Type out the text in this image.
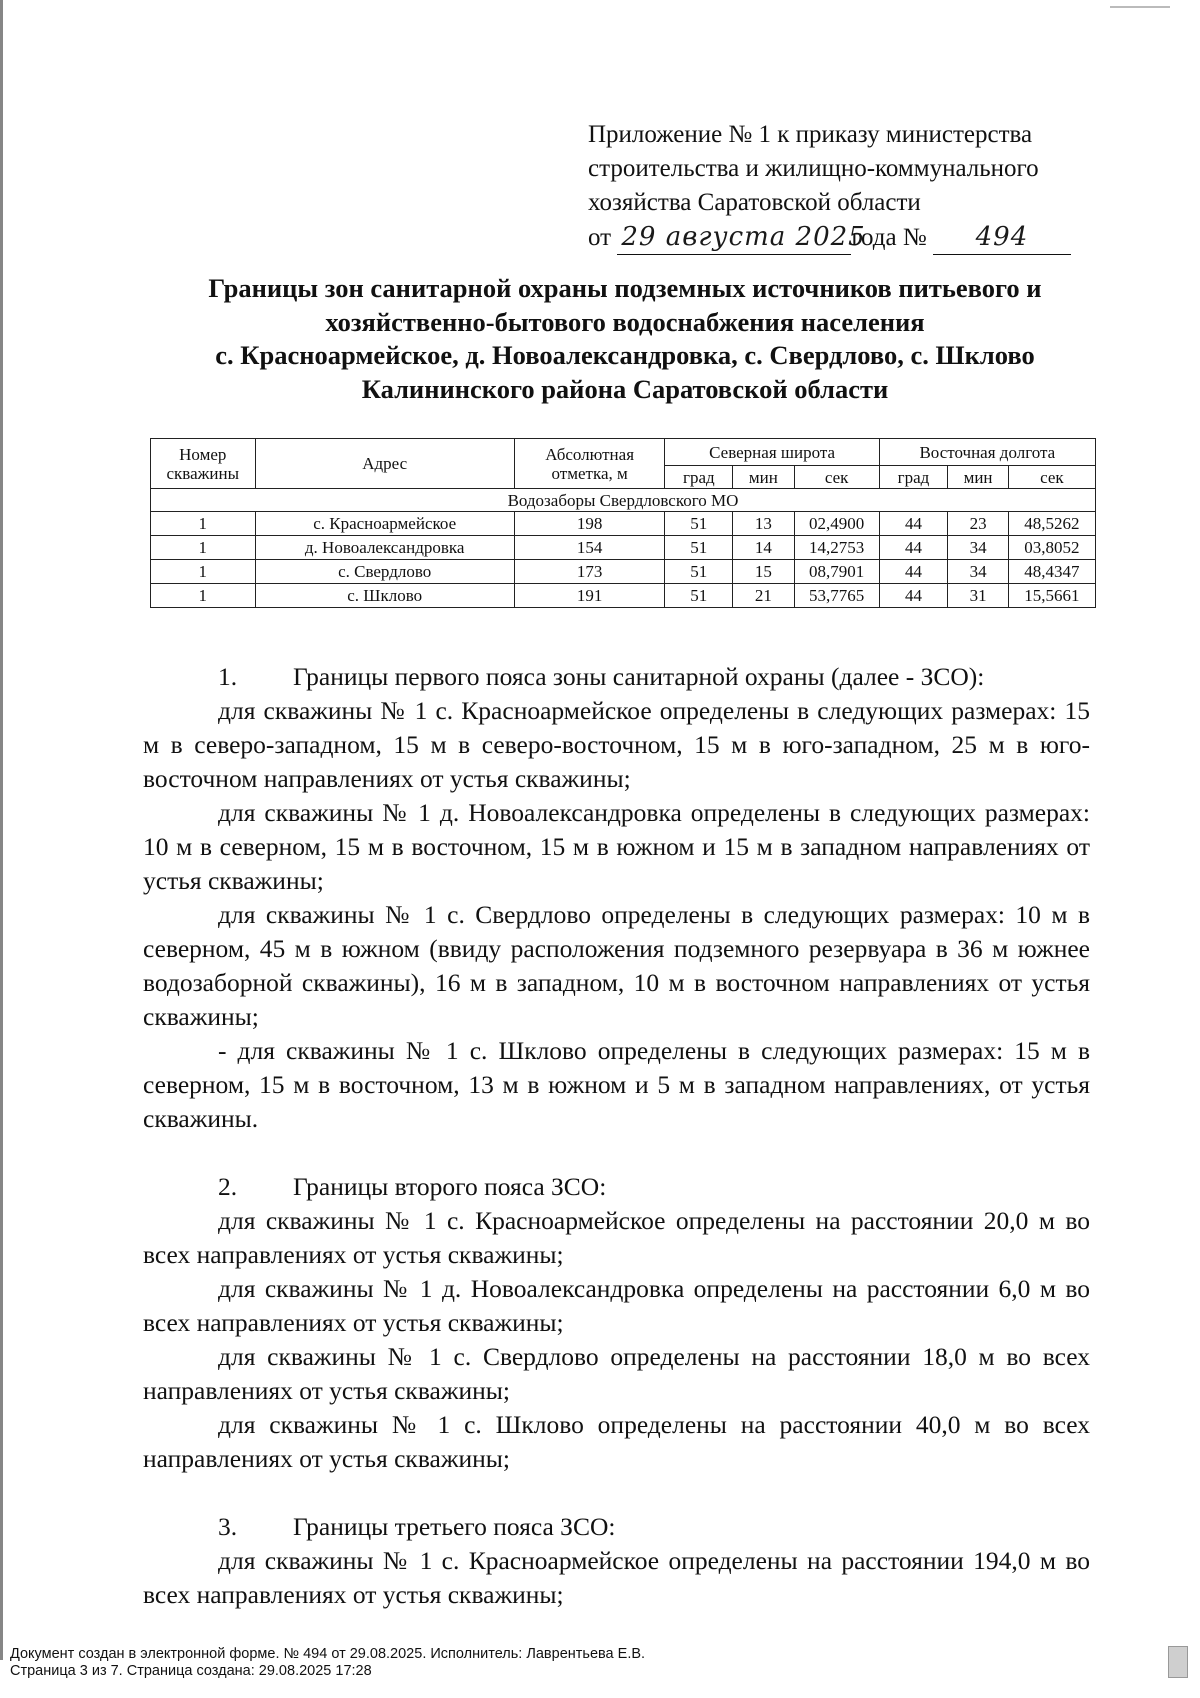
Приложение № 1 к приказу министерства
строительства и жилищно-коммунального
хозяйства Саратовской области
от 29 августа 2025года № 494
Границы зон санитарной охраны подземных источников питьевого и
хозяйственно-бытового водоснабжения населения
с. Красноармейское, д. Новоалександровка, с. Свердлово, с. Шклово
Калининского района Саратовской области
Номер скважины	Адрес	Абсолютная отметка, м	Северная широта			Восточная долгота		
			град	мин	сек	град	мин	сек
Водозаборы Свердловского МО								
1	с. Красноармейское	198	51	13	02,4900	44	23	48,5262
1	д. Новоалександровка	154	51	14	14,2753	44	34	03,8052
1	с. Свердлово	173	51	15	08,7901	44	34	48,4347
1	с. Шклово	191	51	21	53,7765	44	31	15,5661

1. Границы первого пояса зоны санитарной охраны (далее - ЗСО):

для скважины № 1 с. Красноармейское определены в следующих размерах: 15 м в северо-западном, 15 м в северо-восточном, 15 м в юго-западном, 25 м в юго-восточном направлениях от устья скважины;

для скважины № 1 д. Новоалександровка определены в следующих размерах: 10 м в северном, 15 м в восточном, 15 м в южном и 15 м в западном направлениях от устья скважины;

для скважины № 1 с. Свердлово определены в следующих размерах: 10 м в северном, 45 м в южном (ввиду расположения подземного резервуара в 36 м южнее водозаборной скважины), 16 м в западном, 10 м в восточном направлениях от устья скважины;

- для скважины № 1 с. Шклово определены в следующих размерах: 15 м в северном, 15 м в восточном, 13 м в южном и 5 м в западном направлениях, от устья скважины.

2. Границы второго пояса ЗСО:

для скважины № 1 с. Красноармейское определены на расстоянии 20,0 м во всех направлениях от устья скважины;

для скважины № 1 д. Новоалександровка определены на расстоянии 6,0 м во всех направлениях от устья скважины;

для скважины № 1 с. Свердлово определены на расстоянии 18,0 м во всех направлениях от устья скважины;

для скважины № 1 с. Шклово определены на расстоянии 40,0 м во всех направлениях от устья скважины;

3. Границы третьего пояса ЗСО:

для скважины № 1 с. Красноармейское определены на расстоянии 194,0 м во всех направлениях от устья скважины;

Документ создан в электронной форме. № 494 от 29.08.2025. Исполнитель: Лаврентьева Е.В.
Страница 3 из 7. Страница создана: 29.08.2025 17:28
